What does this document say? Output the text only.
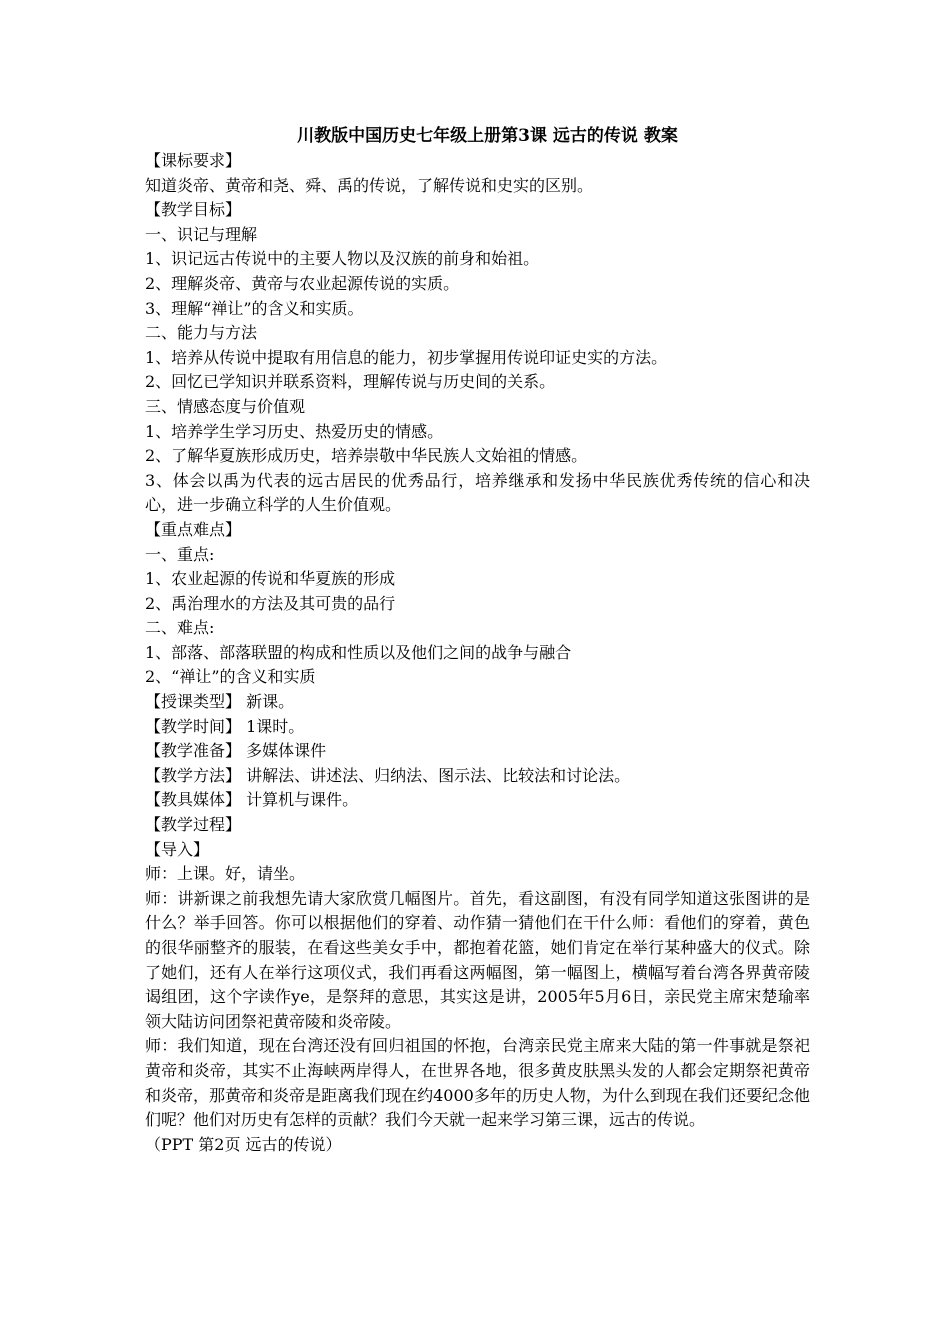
川教版中国历史七年级上册第3课 远古的传说 教案

【课标要求】

知道炎帝、黄帝和尧、舜、禹的传说，了解传说和史实的区别。

【教学目标】

一、识记与理解

1、识记远古传说中的主要人物以及汉族的前身和始祖。

2、理解炎帝、黄帝与农业起源传说的实质。

3、理解“禅让”的含义和实质。

二、能力与方法

1、培养从传说中提取有用信息的能力，初步掌握用传说印证史实的方法。

2、回忆已学知识并联系资料，理解传说与历史间的关系。

三、情感态度与价值观

1、培养学生学习历史、热爱历史的情感。

2、了解华夏族形成历史，培养崇敬中华民族人文始祖的情感。

3、体会以禹为代表的远古居民的优秀品行，培养继承和发扬中华民族优秀传统的信心和决心，进一步确立科学的人生价值观。

【重点难点】

一、重点:

1、农业起源的传说和华夏族的形成

2、禹治理水的方法及其可贵的品行

二、难点:

1、部落、部落联盟的构成和性质以及他们之间的战争与融合

2、“禅让”的含义和实质

【授课类型】 新课。

【教学时间】 1课时。

【教学准备】 多媒体课件

【教学方法】 讲解法、讲述法、归纳法、图示法、比较法和讨论法。

【教具媒体】 计算机与课件。

【教学过程】

【导入】

师：上课。好，请坐。

师：讲新课之前我想先请大家欣赏几幅图片。首先，看这副图，有没有同学知道这张图讲的是什么？举手回答。你可以根据他们的穿着、动作猜一猜他们在干什么师：看他们的穿着，黄色的很华丽整齐的服装，在看这些美女手中，都抱着花篮，她们肯定在举行某种盛大的仪式。除了她们，还有人在举行这项仪式，我们再看这两幅图，第一幅图上，横幅写着台湾各界黄帝陵谒组团，这个字读作ye，是祭拜的意思，其实这是讲，2005年5月6日，亲民党主席宋楚瑜率领大陆访问团祭祀黄帝陵和炎帝陵。

师：我们知道，现在台湾还没有回归祖国的怀抱，台湾亲民党主席来大陆的第一件事就是祭祀黄帝和炎帝，其实不止海峡两岸得人，在世界各地，很多黄皮肤黑头发的人都会定期祭祀黄帝和炎帝，那黄帝和炎帝是距离我们现在约4000多年的历史人物，为什么到现在我们还要纪念他们呢？他们对历史有怎样的贡献？我们今天就一起来学习第三课，远古的传说。

（PPT 第2页 远古的传说）
